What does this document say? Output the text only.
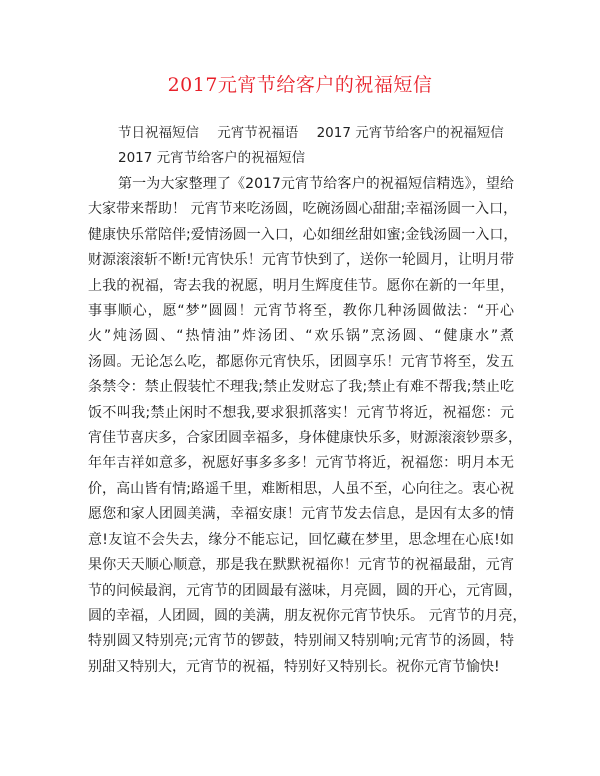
2017元宵节给客户的祝福短信
节日祝福短信 元宵节祝福语 2017 元宵节给客户的祝福短信
2017 元宵节给客户的祝福短信
第一为大家整理了《2017元宵节给客户的祝福短信精选》，望给
大家带来帮助！ 元宵节来吃汤圆，吃碗汤圆心甜甜;幸福汤圆一入口，
健康快乐常陪伴;爱情汤圆一入口，心如细丝甜如蜜;金钱汤圆一入口，
财源滚滚斩不断!元宵快乐！元宵节快到了，送你一轮圆月，让明月带
上我的祝福，寄去我的祝愿，明月生辉度佳节。愿你在新的一年里，
事事顺心，愿“梦”圆圆！元宵节将至，教你几种汤圆做法：“开心
火”炖汤圆、“热情油”炸汤团、“欢乐锅”烹汤圆、“健康水”煮
汤圆。无论怎么吃，都愿你元宵快乐，团圆享乐！元宵节将至，发五
条禁令：禁止假装忙不理我;禁止发财忘了我;禁止有难不帮我;禁止吃
饭不叫我;禁止闲时不想我,要求狠抓落实！元宵节将近，祝福您：元
宵佳节喜庆多，合家团圆幸福多，身体健康快乐多，财源滚滚钞票多，
年年吉祥如意多，祝愿好事多多多！元宵节将近，祝福您：明月本无
价，高山皆有情;路遥千里，难断相思，人虽不至，心向往之。衷心祝
愿您和家人团圆美满，幸福安康！元宵节发去信息，是因有太多的情
意!友谊不会失去，缘分不能忘记，回忆藏在梦里，思念埋在心底!如
果你天天顺心顺意，那是我在默默祝福你！元宵节的祝福最甜，元宵
节的问候最润，元宵节的团圆最有滋味，月亮圆，圆的开心，元宵圆，
圆的幸福，人团圆，圆的美满，朋友祝你元宵节快乐。 元宵节的月亮，
特别圆又特别亮;元宵节的锣鼓，特别闹又特别响;元宵节的汤圆，特
别甜又特别大，元宵节的祝福，特别好又特别长。祝你元宵节愉快!
